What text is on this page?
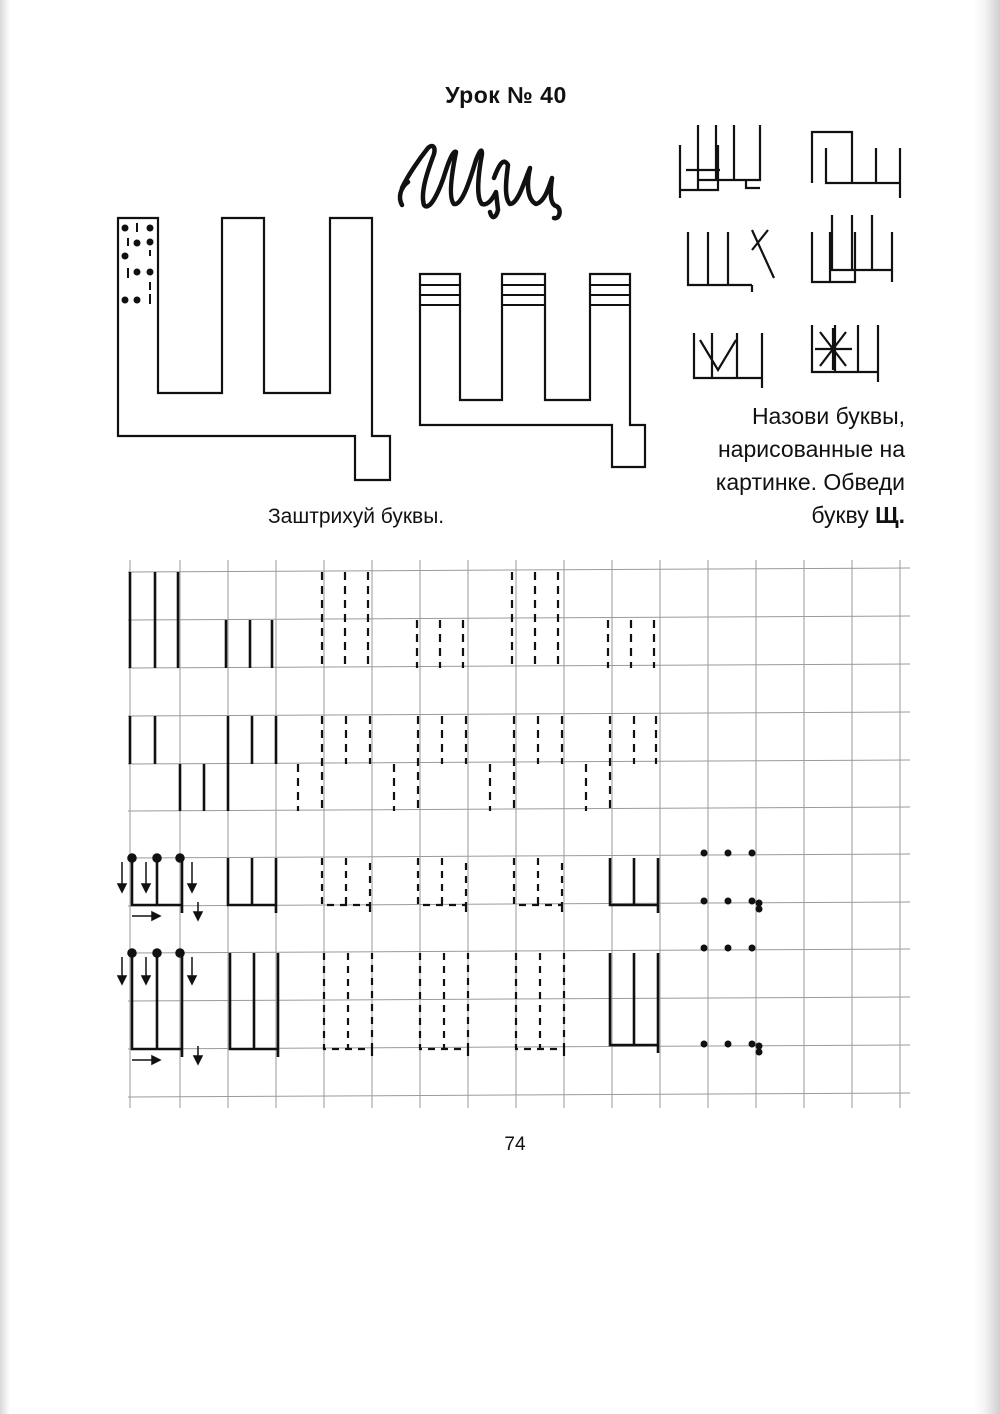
Урок № 40
Заштрихуй буквы.
Назови буквы, нарисованные на картинке. Обведи букву Щ.
74
